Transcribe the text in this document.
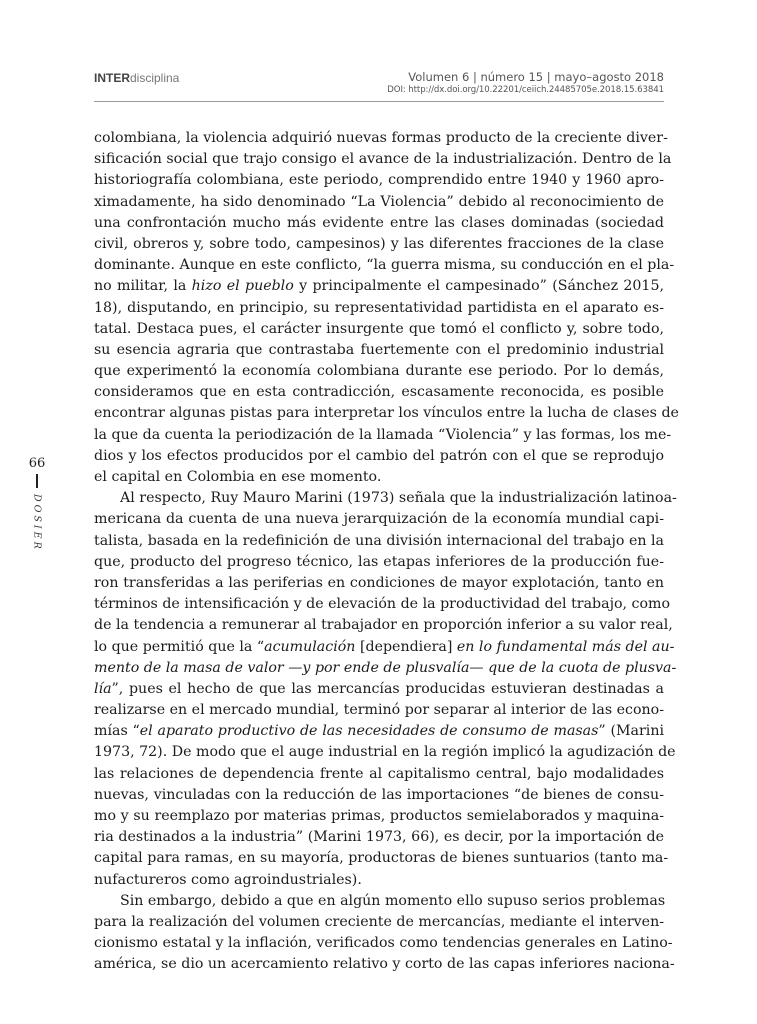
INTERdisciplina	Volumen 6 | número 15 | mayo–agosto 2018
DOI: http://dx.doi.org/10.22201/ceiich.24485705e.2018.15.63841
66
DOSIER
colombiana, la violencia adquirió nuevas formas producto de la creciente diver-
sificación social que trajo consigo el avance de la industrialización. Dentro de la
historiografía colombiana, este periodo, comprendido entre 1940 y 1960 apro-
ximadamente, ha sido denominado “La Violencia” debido al reconocimiento de
una confrontación mucho más evidente entre las clases dominadas (sociedad
civil, obreros y, sobre todo, campesinos) y las diferentes fracciones de la clase
dominante. Aunque en este conflicto, “la guerra misma, su conducción en el pla-
no militar, la hizo el pueblo y principalmente el campesinado” (Sánchez 2015,
18), disputando, en principio, su representatividad partidista en el aparato es-
tatal. Destaca pues, el carácter insurgente que tomó el conflicto y, sobre todo,
su esencia agraria que contrastaba fuertemente con el predominio industrial
que experimentó la economía colombiana durante ese periodo. Por lo demás,
consideramos que en esta contradicción, escasamente reconocida, es posible
encontrar algunas pistas para interpretar los vínculos entre la lucha de clases de
la que da cuenta la periodización de la llamada “Violencia” y las formas, los me-
dios y los efectos producidos por el cambio del patrón con el que se reprodujo
el capital en Colombia en ese momento.
Al respecto, Ruy Mauro Marini (1973) señala que la industrialización latinoa-
mericana da cuenta de una nueva jerarquización de la economía mundial capi-
talista, basada en la redefinición de una división internacional del trabajo en la
que, producto del progreso técnico, las etapas inferiores de la producción fue-
ron transferidas a las periferias en condiciones de mayor explotación, tanto en
términos de intensificación y de elevación de la productividad del trabajo, como
de la tendencia a remunerar al trabajador en proporción inferior a su valor real,
lo que permitió que la “acumulación [dependiera] en lo fundamental más del au-
mento de la masa de valor —y por ende de plusvalía— que de la cuota de plusva-
lía”, pues el hecho de que las mercancías producidas estuvieran destinadas a
realizarse en el mercado mundial, terminó por separar al interior de las econo-
mías “el aparato productivo de las necesidades de consumo de masas” (Marini
1973, 72). De modo que el auge industrial en la región implicó la agudización de
las relaciones de dependencia frente al capitalismo central, bajo modalidades
nuevas, vinculadas con la reducción de las importaciones “de bienes de consu-
mo y su reemplazo por materias primas, productos semielaborados y maquina-
ria destinados a la industria” (Marini 1973, 66), es decir, por la importación de
capital para ramas, en su mayoría, productoras de bienes suntuarios (tanto ma-
nufactureros como agroindustriales).
Sin embargo, debido a que en algún momento ello supuso serios problemas
para la realización del volumen creciente de mercancías, mediante el interven-
cionismo estatal y la inflación, verificados como tendencias generales en Latino-
américa, se dio un acercamiento relativo y corto de las capas inferiores naciona-
